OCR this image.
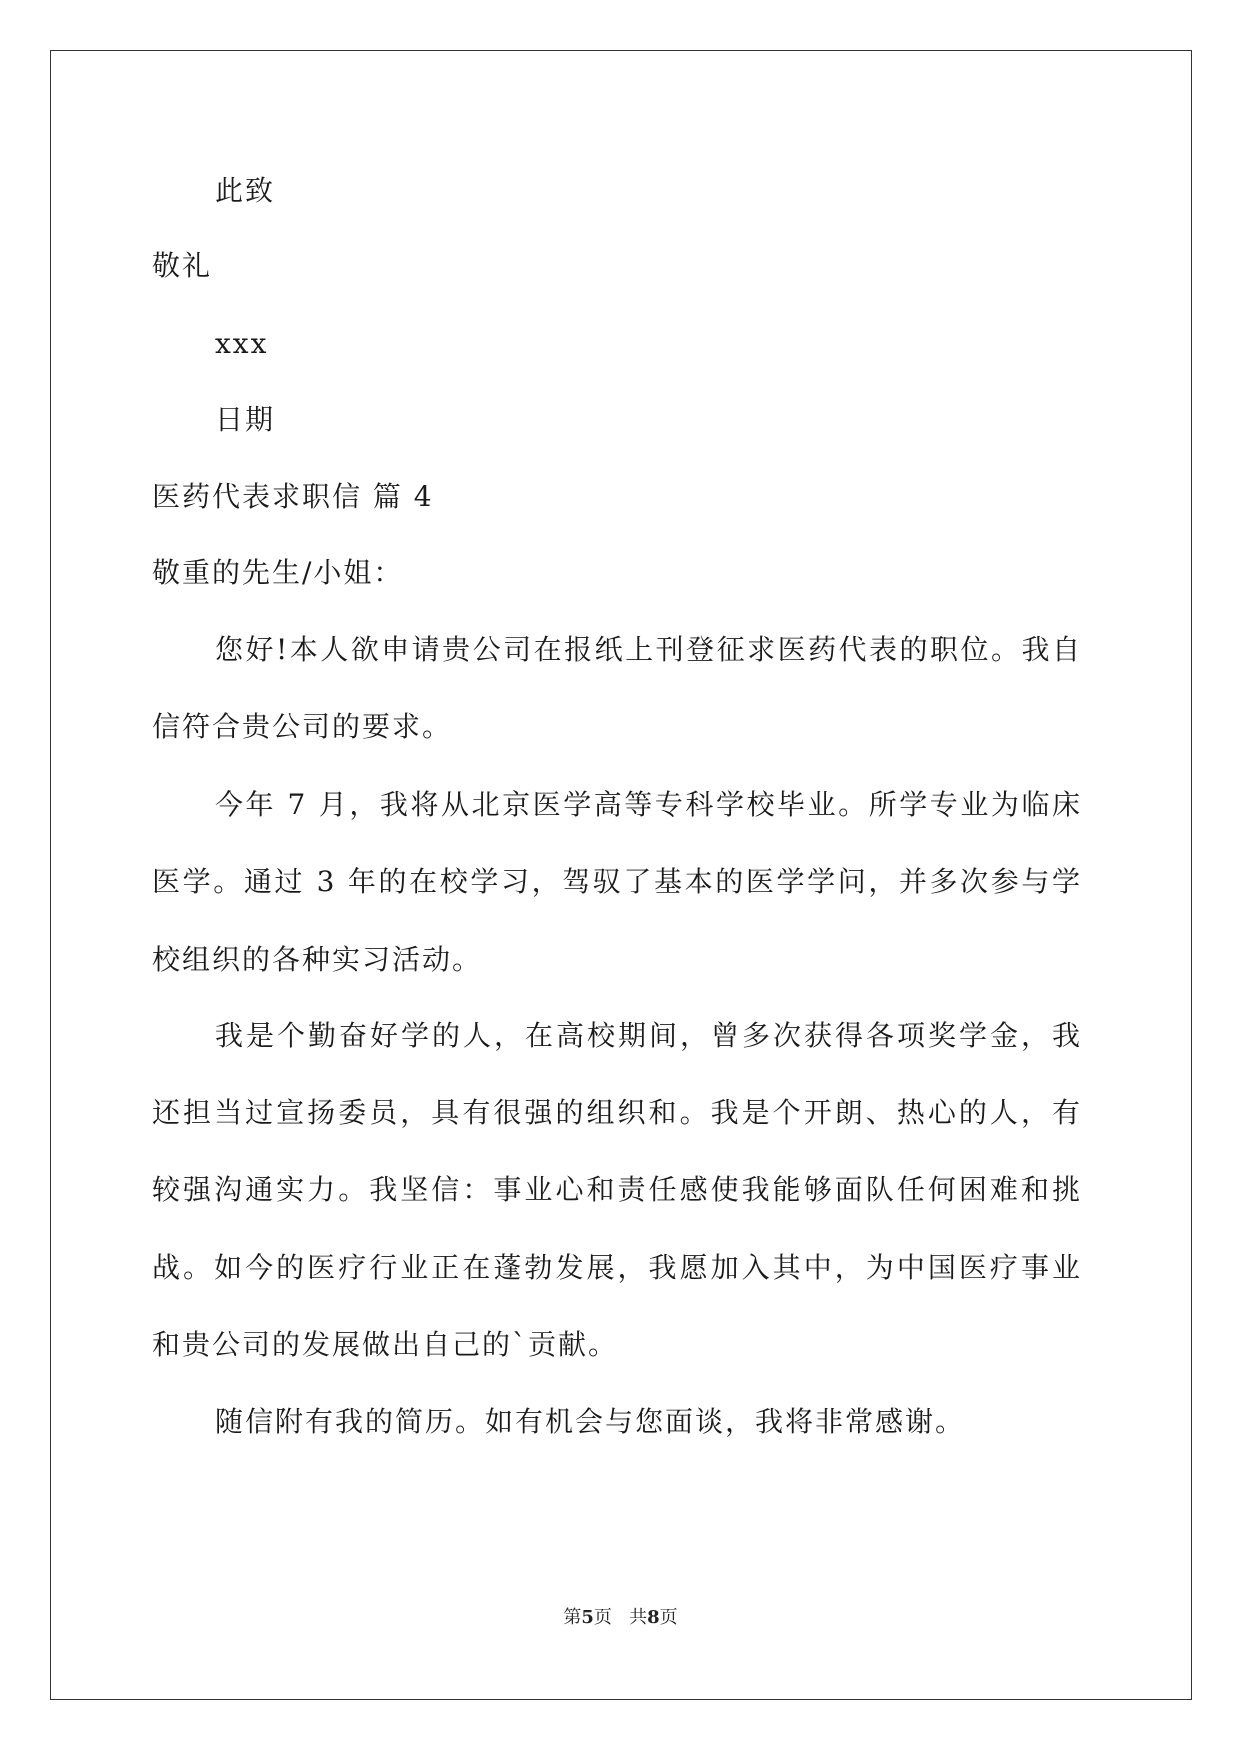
此致
敬礼
xxx
日期
医药代表求职信 篇 4
敬重的先生/小姐：
您好!本人欲申请贵公司在报纸上刊登征求医药代表的职位。我自
信符合贵公司的要求。
今年 7 月，我将从北京医学高等专科学校毕业。所学专业为临床
医学。通过 3 年的在校学习，驾驭了基本的医学学问，并多次参与学
校组织的各种实习活动。
我是个勤奋好学的人，在高校期间，曾多次获得各项奖学金，我
还担当过宣扬委员，具有很强的组织和。我是个开朗、热心的人，有
较强沟通实力。我坚信：事业心和责任感使我能够面队任何困难和挑
战。如今的医疗行业正在蓬勃发展，我愿加入其中，为中国医疗事业
和贵公司的发展做出自己的`贡献。
随信附有我的简历。如有机会与您面谈，我将非常感谢。
第5页 共8页
